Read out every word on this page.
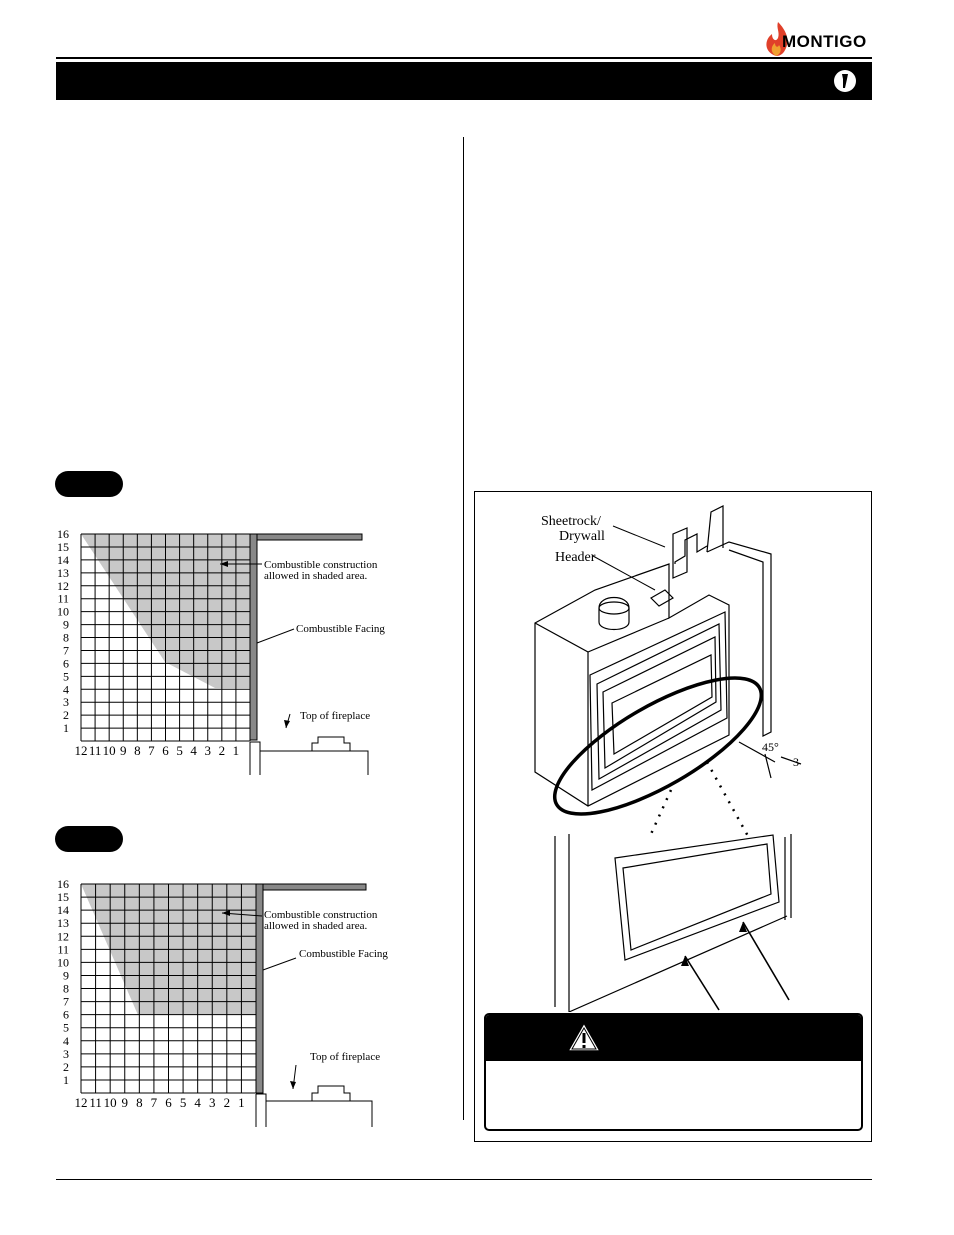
MONTIGO
Combustible construction
allowed in shaded area.
Combustible Facing
Top of fireplace
16
15
14
13
12
11
10
9
8
7
6
5
4
3
2
1
12 11 10 9 8 7 6 5 4 3 2 1
Combustible construction
allowed in shaded area.
Combustible Facing
Top of fireplace
16
15
14
13
12
11
10
9
8
7
6
5
4
3
2
1
12 11 10 9 8 7 6 5 4 3 2 1
Sheetrock/
Drywall
Header
45°
3
